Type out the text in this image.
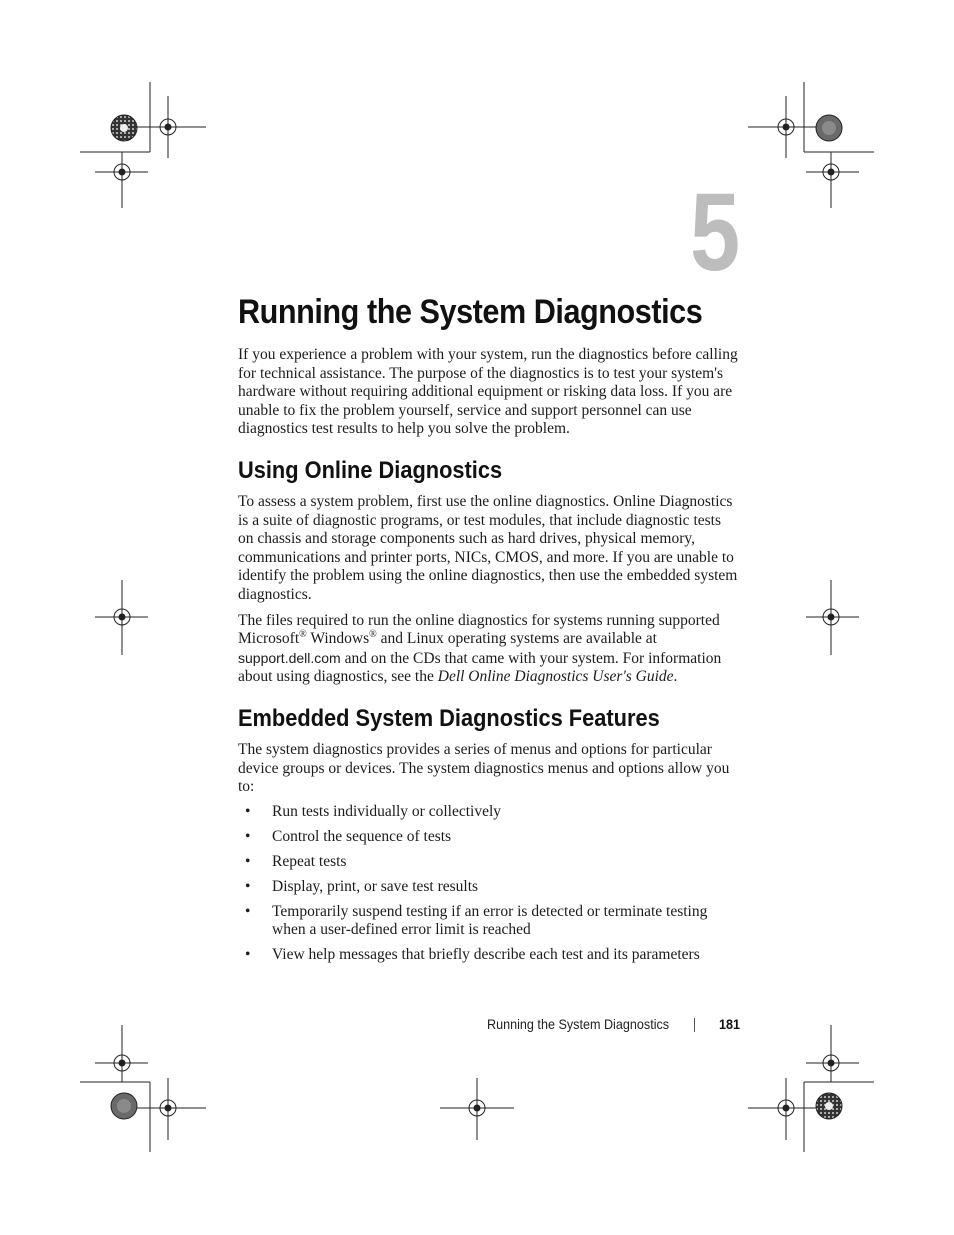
5
Running the System Diagnostics

If you experience a problem with your system, run the diagnostics before calling for technical assistance. The purpose of the diagnostics is to test your system's hardware without requiring additional equipment or risking data loss. If you are unable to fix the problem yourself, service and support personnel can use diagnostics test results to help you solve the problem.

Using Online Diagnostics

To assess a system problem, first use the online diagnostics. Online Diagnostics is a suite of diagnostic programs, or test modules, that include diagnostic tests on chassis and storage components such as hard drives, physical memory, communications and printer ports, NICs, CMOS, and more. If you are unable to identify the problem using the online diagnostics, then use the embedded system diagnostics.

The files required to run the online diagnostics for systems running supported Microsoft® Windows® and Linux operating systems are available at support.dell.com and on the CDs that came with your system. For information about using diagnostics, see the Dell Online Diagnostics User's Guide.

Embedded System Diagnostics Features

The system diagnostics provides a series of menus and options for particular device groups or devices. The system diagnostics menus and options allow you to:

• Run tests individually or collectively
• Control the sequence of tests
• Repeat tests
• Display, print, or save test results
• Temporarily suspend testing if an error is detected or terminate testing when a user-defined error limit is reached
• View help messages that briefly describe each test and its parameters
Running the System Diagnostics	181
